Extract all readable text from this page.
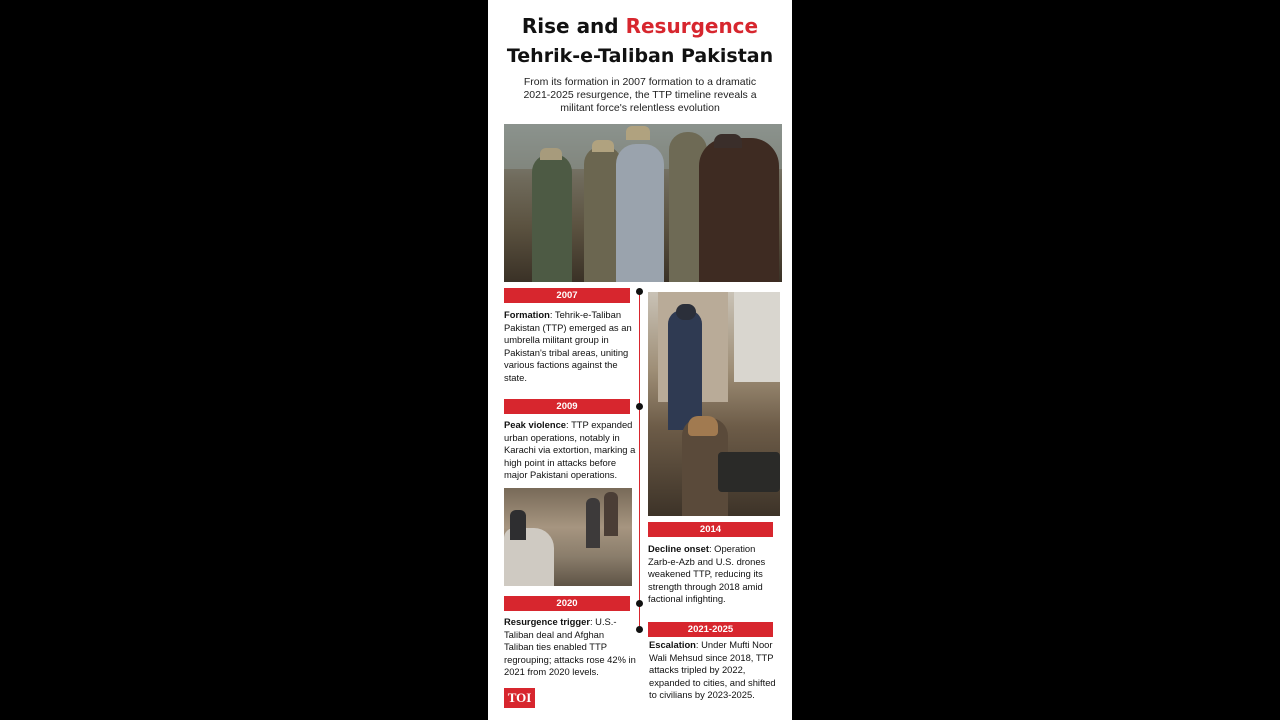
Rise and Resurgence
Tehrik-e-Taliban Pakistan
From its formation in 2007 formation to a dramatic 2021-2025 resurgence, the TTP timeline reveals a militant force's relentless evolution
2007
Formation: Tehrik-e-Taliban Pakistan (TTP) emerged as an umbrella militant group in Pakistan's tribal areas, uniting various factions against the state.
2009
Peak violence: TTP expanded urban operations, notably in Karachi via extortion, marking a high point in attacks before major Pakistani operations.
2014
Decline onset: Operation Zarb-e-Azb and U.S. drones weakened TTP, reducing its strength through 2018 amid factional infighting.
2020
Resurgence trigger: U.S.-Taliban deal and Afghan Taliban ties enabled TTP regrouping; attacks rose 42% in 2021 from 2020 levels.
2021-2025
Escalation: Under Mufti Noor Wali Mehsud since 2018, TTP attacks tripled by 2022, expanded to cities, and shifted to civilians by 2023-2025.
TOI
